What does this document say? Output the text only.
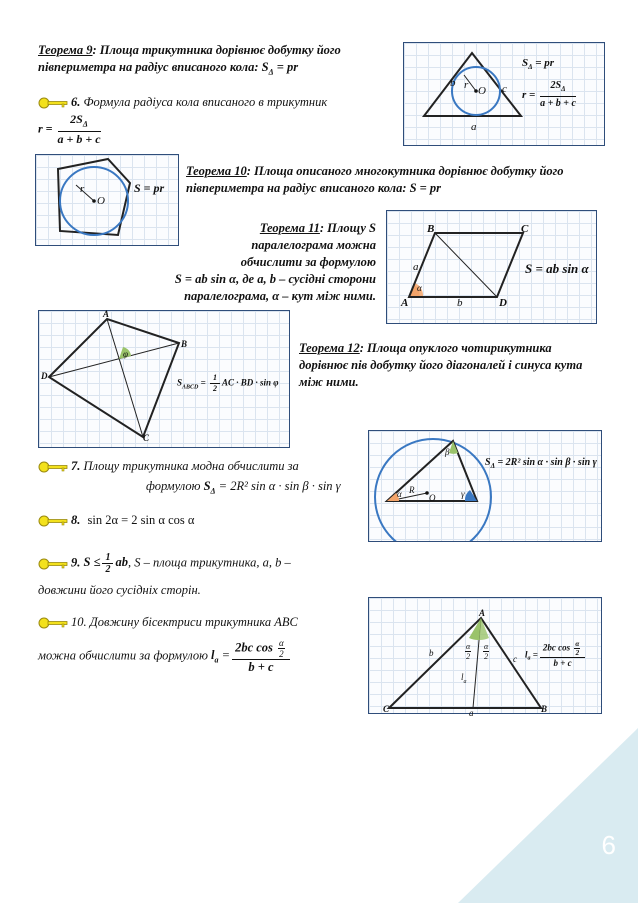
Теорема 9: Площа трикутника дорівнює добутку його півпериметра на радіус вписаного кола: $S_\Delta$ = pr
6. Формула радіуса кола вписаного в трикутник
$r = \frac{2S_\Delta}{a + b + c}$
O
r
b	c
a
$S_\Delta$ = pr
$r = \frac{2S_\Delta}{a + b + c}$
O
r	S = pr
Теорема 10: Площа описаного многокутника дорівнює добутку його півпериметра на радіус вписаного кола: S = pr
Теорема 11: Площу S
паралелограма можна
обчислити за формулою
S = ab sin α, де a, b – сусідні сторони
паралелограма, α – кут між ними.
B	C
A	D
a
b
α
S = ab sin α
A
B
C
D
φ
$S_{ABCD} = \frac{1}{2}$ AC · BD · sin φ
Теорема 12: Площа опуклого чотирикутника дорівнює пів добутку його діагоналей і синуса кута між ними.
α
β
γ
R
O
$S_\Delta = 2R^2$ sin α · sin β · sin γ
7. Площу трикутника модна обчислити за
формулою $S_\Delta = 2R^2$ sin α · sin β · sin γ
8. sin 2α = 2 sin α cos α
9. $S \le \frac{1}{2}$ ab, S – площа трикутника, a, b –
довжини його сусідніх сторін.
A
C	B
b
c
a
$l_a$
$\frac{\alpha}{2} \frac{\alpha}{2}$	$l_a = \frac{2bc \cos \frac{\alpha}{2}}{b + c}$
10. Довжину бісектриси трикутника ABC
можна обчислити за формулою $l_a = \frac{2bc \cos \frac{\alpha}{2}}{b + c}$
6
